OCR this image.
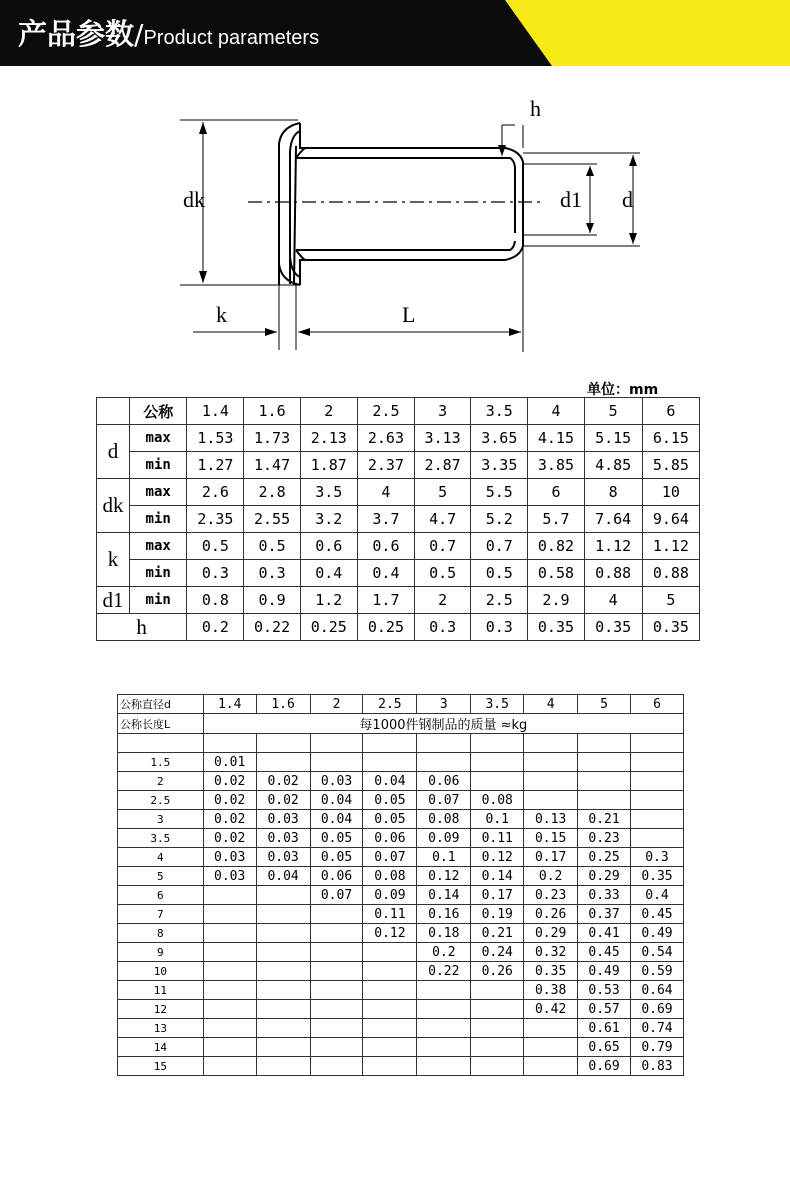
产品参数/Product parameters
dk	d1 d
h
k	L
单位：mm
	公称	1.4	1.6	2	2.5	3	3.5	4	5	6
d	max	1.53	1.73	2.13	2.63	3.13	3.65	4.15	5.15	6.15
	min	1.27	1.47	1.87	2.37	2.87	3.35	3.85	4.85	5.85
dk	max	2.6	2.8	3.5	4	5	5.5	6	8	10
	min	2.35	2.55	3.2	3.7	4.7	5.2	5.7	7.64	9.64
k	max	0.5	0.5	0.6	0.6	0.7	0.7	0.82	1.12	1.12
	min	0.3	0.3	0.4	0.4	0.5	0.5	0.58	0.88	0.88
d1	min	0.8	0.9	1.2	1.7	2	2.5	2.9	4	5
h		0.2	0.22	0.25	0.25	0.3	0.3	0.35	0.35	0.35
公称直径d	1.4	1.6	2	2.5	3	3.5	4	5	6
公称长度L	每1000件钢制品的质量 ≈kg								

1.5	0.01								
2	0.02	0.02	0.03	0.04	0.06				
2.5	0.02	0.02	0.04	0.05	0.07	0.08			
3	0.02	0.03	0.04	0.05	0.08	0.1	0.13	0.21	
3.5	0.02	0.03	0.05	0.06	0.09	0.11	0.15	0.23	
4	0.03	0.03	0.05	0.07	0.1	0.12	0.17	0.25	0.3
5	0.03	0.04	0.06	0.08	0.12	0.14	0.2	0.29	0.35
6			0.07	0.09	0.14	0.17	0.23	0.33	0.4
7				0.11	0.16	0.19	0.26	0.37	0.45
8				0.12	0.18	0.21	0.29	0.41	0.49
9					0.2	0.24	0.32	0.45	0.54
10					0.22	0.26	0.35	0.49	0.59
11							0.38	0.53	0.64
12							0.42	0.57	0.69
13								0.61	0.74
14								0.65	0.79
15								0.69	0.83
